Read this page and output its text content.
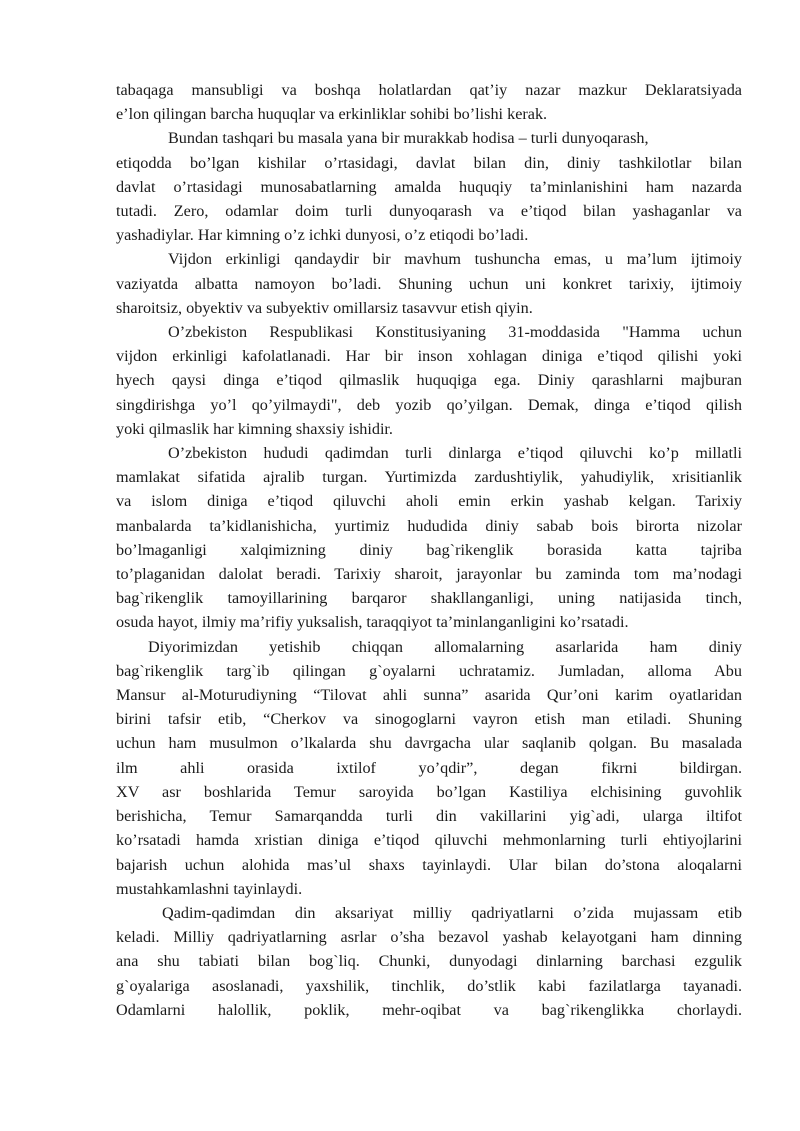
tabaqaga mansubligi va boshqa holatlardan qat’iy nazar mazkur Deklaratsiyada
e’lon qilingan barcha huquqlar va erkinliklar sohibi bo’lishi kerak.
Bundan tashqari bu masala yana bir murakkab hodisa – turli dunyoqarash,
etiqodda bo’lgan kishilar o’rtasidagi, davlat bilan din, diniy tashkilotlar bilan
davlat o’rtasidagi munosabatlarning amalda huquqiy ta’minlanishini ham nazarda
tutadi. Zero, odamlar doim turli dunyoqarash va e’tiqod bilan yashaganlar va
yashadiylar. Har kimning o’z ichki dunyosi, o’z etiqodi bo’ladi.
Vijdon erkinligi qandaydir bir mavhum tushuncha emas, u ma’lum ijtimoiy
vaziyatda albatta namoyon bo’ladi. Shuning uchun uni konkret tarixiy, ijtimoiy
sharoitsiz, obyektiv va subyektiv omillarsiz tasavvur etish qiyin.
O’zbekiston Respublikasi Konstitusiyaning 31-moddasida "Hamma uchun
vijdon erkinligi kafolatlanadi. Har bir inson xohlagan diniga e’tiqod qilishi yoki
hyech qaysi dinga e’tiqod qilmaslik huquqiga ega. Diniy qarashlarni majburan
singdirishga yo’l qo’yilmaydi", deb yozib qo’yilgan. Demak, dinga e’tiqod qilish
yoki qilmaslik har kimning shaxsiy ishidir.
O’zbekiston hududi qadimdan turli dinlarga e’tiqod qiluvchi ko’p millatli
mamlakat sifatida ajralib turgan. Yurtimizda zardushtiylik, yahudiylik, xrisitianlik
va islom diniga e’tiqod qiluvchi aholi emin erkin yashab kelgan. Tarixiy
manbalarda ta’kidlanishicha, yurtimiz hududida diniy sabab bois birorta nizolar
bo’lmaganligi xalqimizning diniy bag`rikenglik borasida katta tajriba
to’plaganidan dalolat beradi. Tarixiy sharoit, jarayonlar bu zaminda tom ma’nodagi
bag`rikenglik tamoyillarining barqaror shakllanganligi, uning natijasida tinch,
osuda hayot, ilmiy ma’rifiy yuksalish, taraqqiyot ta’minlanganligini ko’rsatadi.
Diyorimizdan yetishib chiqqan allomalarning asarlarida ham diniy
bag`rikenglik targ`ib qilingan g`oyalarni uchratamiz. Jumladan, alloma Abu
Mansur al-Moturudiyning “Tilovat ahli sunna” asarida Qur’oni karim oyatlaridan
birini tafsir etib, “Cherkov va sinogoglarni vayron etish man etiladi. Shuning
uchun ham musulmon o’lkalarda shu davrgacha ular saqlanib qolgan. Bu masalada
ilm ahli orasida ixtilof yo’qdir”, degan fikrni bildirgan.
XV asr boshlarida Temur saroyida bo’lgan Kastiliya elchisining guvohlik
berishicha, Temur Samarqandda turli din vakillarini yig`adi, ularga iltifot
ko’rsatadi hamda xristian diniga e’tiqod qiluvchi mehmonlarning turli ehtiyojlarini
bajarish uchun alohida mas’ul shaxs tayinlaydi. Ular bilan do’stona aloqalarni
mustahkamlashni tayinlaydi.
Qadim-qadimdan din aksariyat milliy qadriyatlarni o’zida mujassam etib
keladi. Milliy qadriyatlarning asrlar o’sha bezavol yashab kelayotgani ham dinning
ana shu tabiati bilan bog`liq. Chunki, dunyodagi dinlarning barchasi ezgulik
g`oyalariga asoslanadi, yaxshilik, tinchlik, do’stlik kabi fazilatlarga tayanadi.
Odamlarni halollik, poklik, mehr-oqibat va bag`rikenglikka chorlaydi.
